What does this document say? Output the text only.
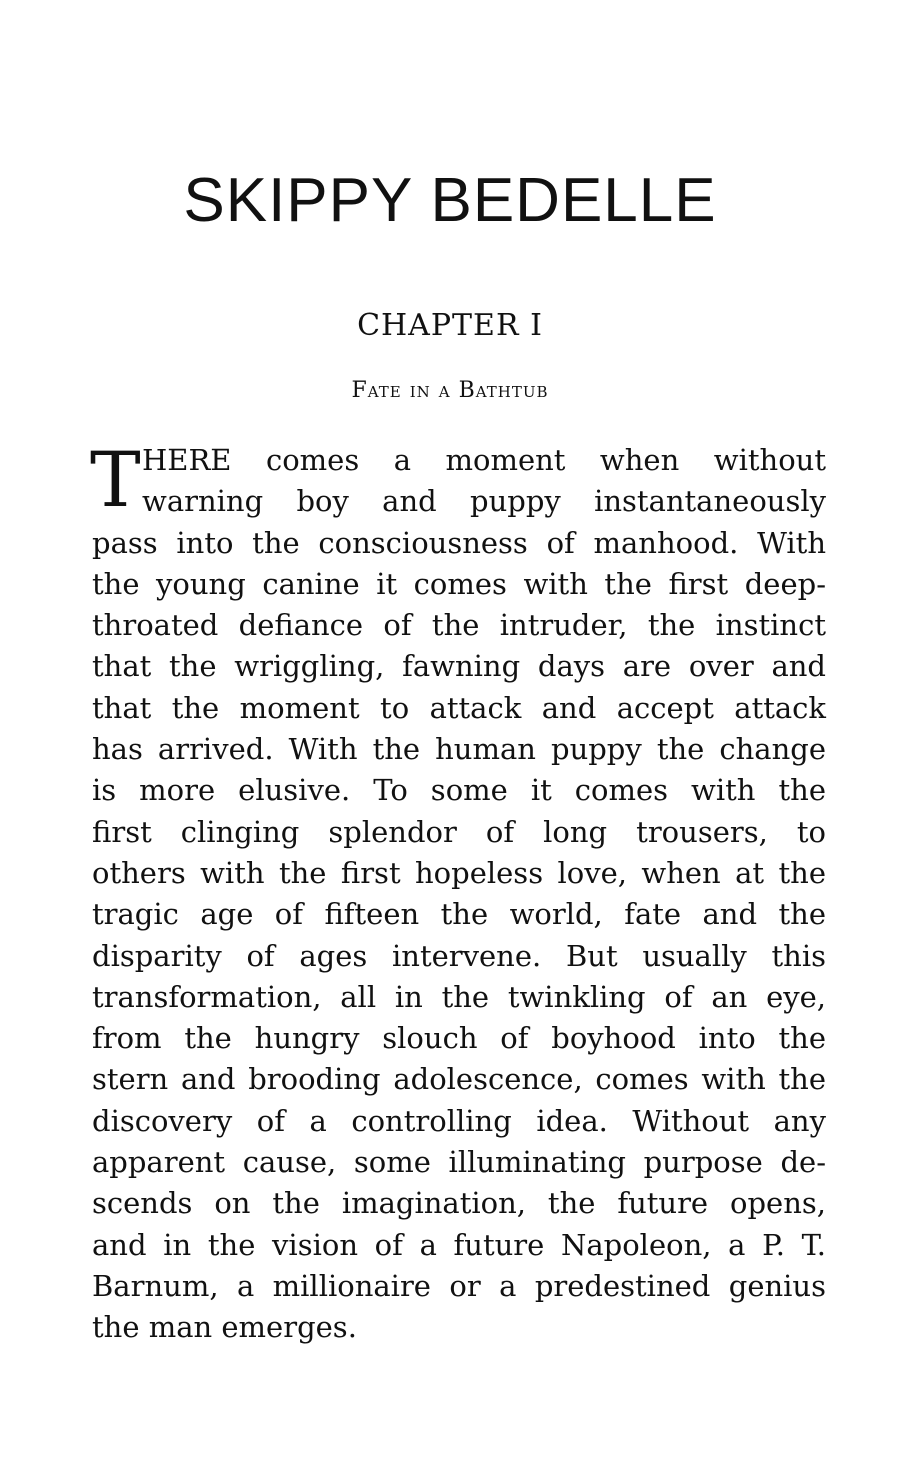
SKIPPY BEDELLE
CHAPTER I
Fate in a Bathtub
T HERE comes a moment when without
warning boy and puppy instantaneously
pass into the consciousness of manhood. With
the young canine it comes with the first deep-
throated defiance of the intruder, the instinct
that the wriggling, fawning days are over and
that the moment to attack and accept attack
has arrived. With the human puppy the change
is more elusive. To some it comes with the
first clinging splendor of long trousers, to
others with the first hopeless love, when at the
tragic age of fifteen the world, fate and the
disparity of ages intervene. But usually this
transformation, all in the twinkling of an eye,
from the hungry slouch of boyhood into the
stern and brooding adolescence, comes with the
discovery of a controlling idea. Without any
apparent cause, some illuminating purpose de-
scends on the imagination, the future opens,
and in the vision of a future Napoleon, a P. T.
Barnum, a millionaire or a predestined genius
the man emerges.
